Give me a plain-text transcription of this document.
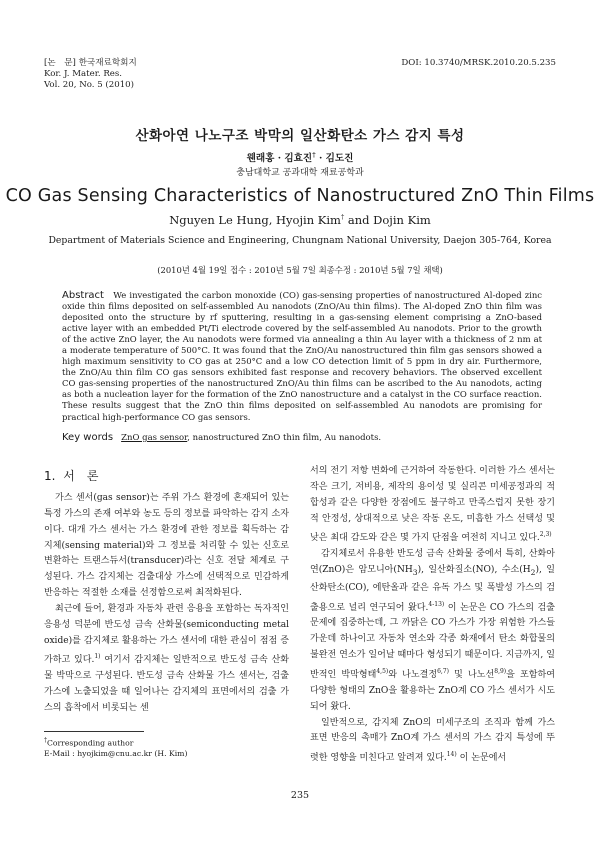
[논　문] 한국재료학회지
Kor. J. Mater. Res.
Vol. 20, No. 5 (2010)
DOI: 10.3740/MRSK.2010.20.5.235
산화아연 나노구조 박막의 일산화탄소 가스 감지 특성
웬래홍 · 김효진† · 김도진
충남대학교 공과대학 재료공학과
CO Gas Sensing Characteristics of Nanostructured ZnO Thin Films
Nguyen Le Hung, Hyojin Kim† and Dojin Kim
Department of Materials Science and Engineering, Chungnam National University, Daejon 305-764, Korea
(2010년 4월 19일 접수 : 2010년 5월 7일 최종수정 : 2010년 5월 7일 채택)
Abstract We investigated the carbon monoxide (CO) gas-sensing properties of nanostructured Al-doped zinc oxide thin films deposited on self-assembled Au nanodots (ZnO/Au thin films). The Al-doped ZnO thin film was deposited onto the structure by rf sputtering, resulting in a gas-sensing element comprising a ZnO-based active layer with an embedded Pt/Ti electrode covered by the self-assembled Au nanodots. Prior to the growth of the active ZnO layer, the Au nanodots were formed via annealing a thin Au layer with a thickness of 2 nm at a moderate temperature of 500°C. It was found that the ZnO/Au nanostructured thin film gas sensors showed a high maximum sensitivity to CO gas at 250°C and a low CO detection limit of 5 ppm in dry air. Furthermore, the ZnO/Au thin film CO gas sensors exhibited fast response and recovery behaviors. The observed excellent CO gas-sensing properties of the nanostructured ZnO/Au thin films can be ascribed to the Au nanodots, acting as both a nucleation layer for the formation of the ZnO nanostructure and a catalyst in the CO surface reaction. These results suggest that the ZnO thin films deposited on self-assembled Au nanodots are promising for practical high-performance CO gas sensors.
Key words ZnO gas sensor, nanostructured ZnO thin film, Au nanodots.
1. 서　론

가스 센서(gas sensor)는 주위 가스 환경에 혼재되어 있는 특정 가스의 존재 여부와 농도 등의 정보를 파악하는 감지 소자이다. 대개 가스 센서는 가스 환경에 관한 정보를 획득하는 감지체(sensing material)와 그 정보를 처리할 수 있는 신호로 변환하는 트랜스듀서(transducer)라는 신호 전달 체계로 구성된다. 가스 감지체는 검출대상 가스에 선택적으로 민감하게 반응하는 적절한 소재를 선정함으로써 최적화된다.

최근에 들어, 환경과 자동차 관련 응용을 포함하는 독자적인 응용성 덕분에 반도성 금속 산화물(semiconducting metal oxide)를 감지체로 활용하는 가스 센서에 대한 관심이 점점 증가하고 있다.$^{1)}$ 여기서 감지체는 일반적으로 반도성 금속 산화물 박막으로 구성된다. 반도성 금속 산화물 가스 센서는, 검출 가스에 노출되었을 때 일어나는 감지체의 표면에서의 검출 가스의 흡착에서 비롯되는 센

서의 전기 저항 변화에 근거하여 작동한다. 이러한 가스 센서는 작은 크기, 저비용, 제작의 용이성 및 실리콘 미세공정과의 적합성과 같은 다양한 장점에도 불구하고 만족스럽지 못한 장기적 안정성, 상대적으로 낮은 작동 온도, 미흡한 가스 선택성 및 낮은 최대 감도와 같은 몇 가지 단점을 여전히 지니고 있다.$^{2,3)}$

감지체로서 유용한 반도성 금속 산화물 중에서 특히, 산화아연(ZnO)은 암모니아$(NH_3)$, 일산화질소(NO), 수소$(H_2)$, 일산화탄소(CO), 에탄올과 같은 유독 가스 및 폭발성 가스의 검출용으로 널리 연구되어 왔다.$^{4-13)}$ 이 논문은 CO 가스의 검출 문제에 집중하는데, 그 까닭은 CO 가스가 가장 위험한 가스들 가운데 하나이고 자동차 연소와 각종 화재에서 탄소 화합물의 불완전 연소가 일어날 때마다 형성되기 때문이다. 지금까지, 일반적인 박막형태$^{4,5)}$와 나노결정$^{6,7)}$ 및 나노선$^{8,9)}$을 포함하여 다양한 형태의 ZnO을 활용하는 ZnO계 CO 가스 센서가 시도되어 왔다.

일반적으로, 감지체 ZnO의 미세구조의 조직과 함께 가스 표면 반응의 촉매가 ZnO계 가스 센서의 가스 감지 특성에 뚜렷한 영향을 미친다고 알려져 있다.$^{14)}$ 이 논문에서

†Corresponding author
E-Mail : hyojkim@cnu.ac.kr (H. Kim)
235
